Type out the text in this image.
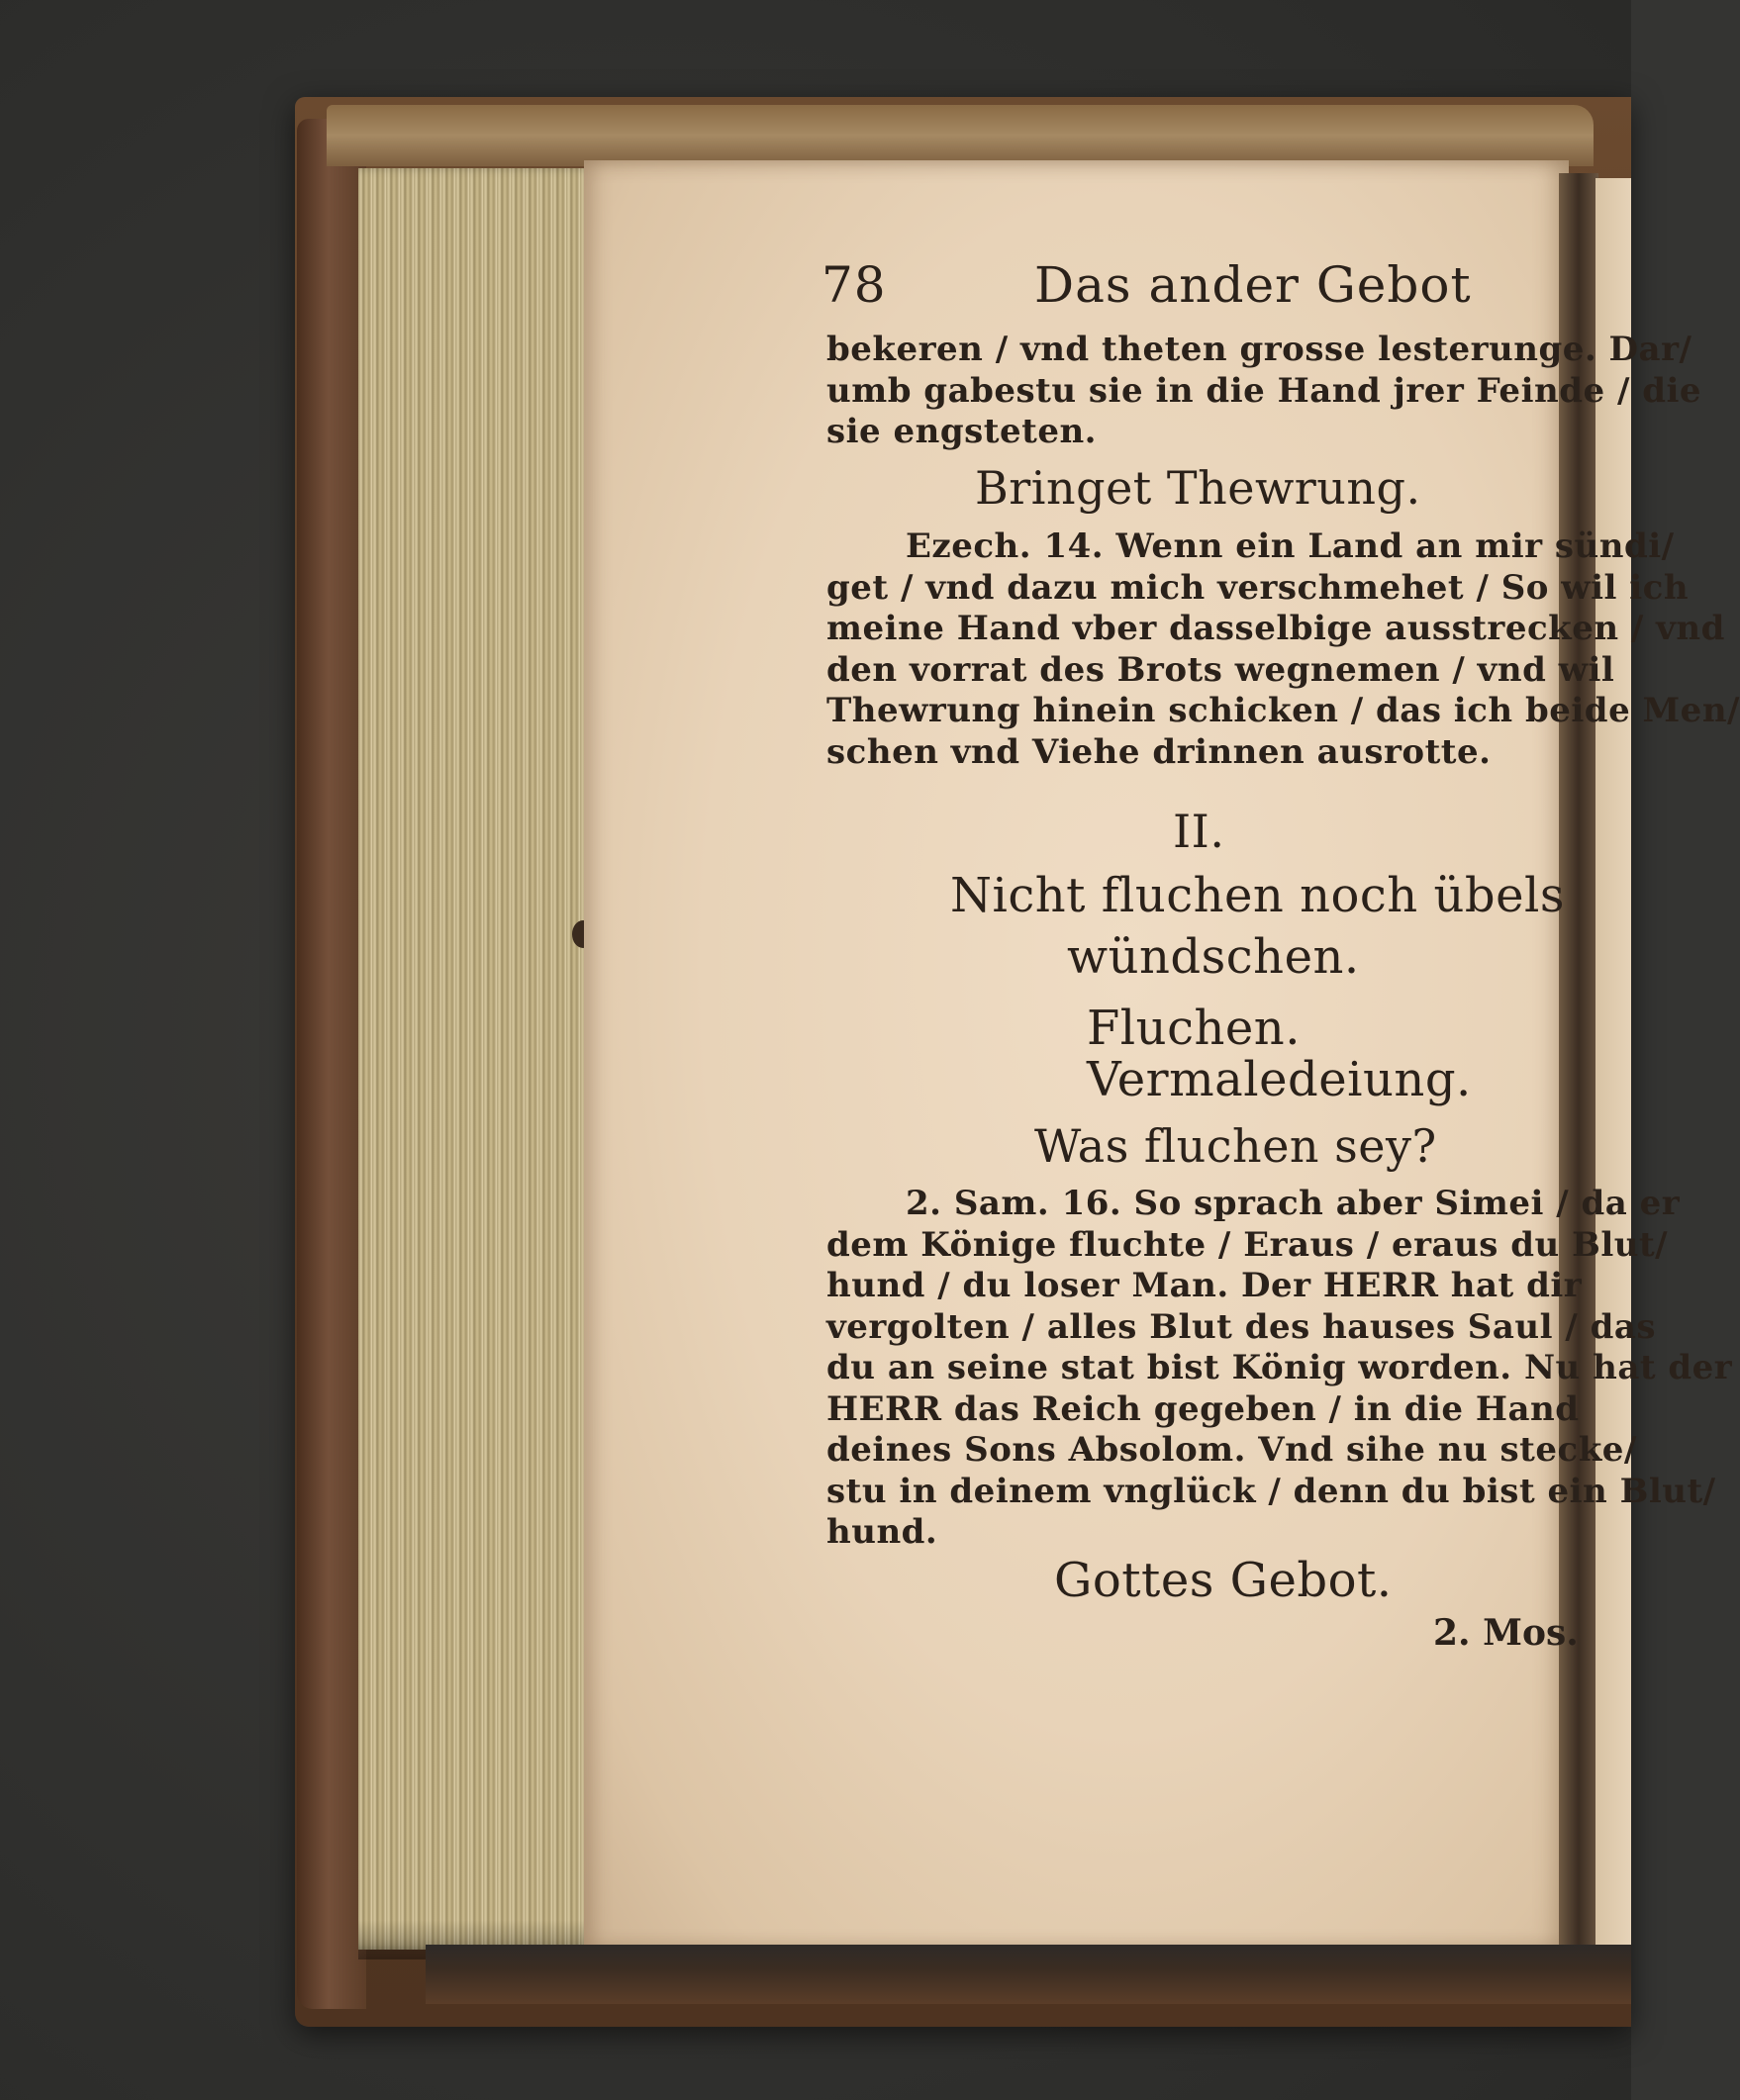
78	Das ander Gebot
bekeren / vnd theten grosse lesterunge. Dar/
umb gabestu sie in die Hand jrer Feinde / die
sie engsteten.
Bringet Thewrung.
Ezech. 14. Wenn ein Land an mir sündi/
get / vnd dazu mich verschmehet / So wil ich
meine Hand vber dasselbige ausstrecken / vnd
den vorrat des Brots wegnemen / vnd wil
Thewrung hinein schicken / das ich beide Men/
schen vnd Viehe drinnen ausrotte.
II.
Nicht fluchen noch übels
wündschen.
Fluchen.
Vermaledeiung.
Was fluchen sey?
2. Sam. 16. So sprach aber Simei / da er
dem Könige fluchte / Eraus / eraus du Blut/
hund / du loser Man. Der HERR hat dir
vergolten / alles Blut des hauses Saul / das
du an seine stat bist König worden. Nu hat der
HERR das Reich gegeben / in die Hand
deines Sons Absolom. Vnd sihe nu stecke/
stu in deinem vnglück / denn du bist ein Blut/
hund.
Gottes Gebot.
2. Mos.
